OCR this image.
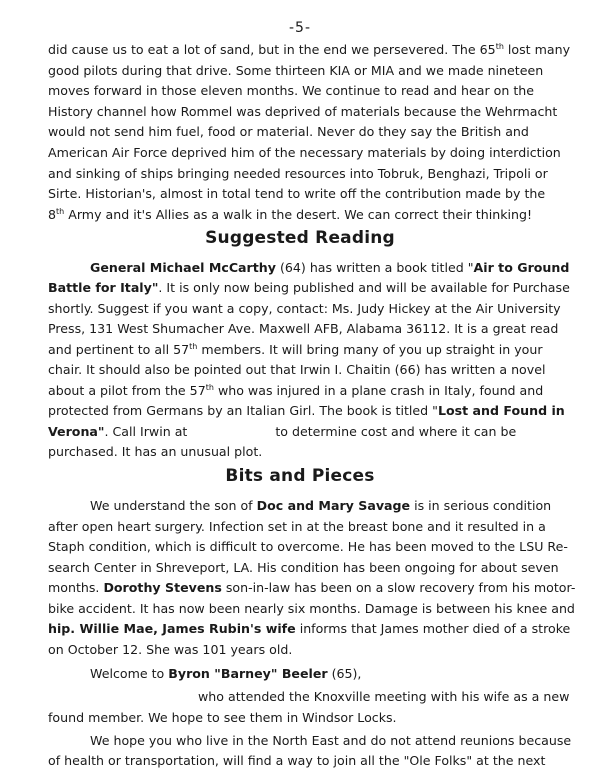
-5-
did cause us to eat a lot of sand, but in the end we persevered. The 65th lost many
good pilots during that drive. Some thirteen KIA or MIA and we made nineteen
moves forward in those eleven months. We continue to read and hear on the
History channel how Rommel was deprived of materials because the Wehrmacht
would not send him fuel, food or material. Never do they say the British and
American Air Force deprived him of the necessary materials by doing interdiction
and sinking of ships bringing needed resources into Tobruk, Benghazi, Tripoli or
Sirte. Historian's, almost in total tend to write off the contribution made by the
8th Army and it's Allies as a walk in the desert. We can correct their thinking!
Suggested Reading
General Michael McCarthy (64) has written a book titled "Air to Ground
Battle for Italy". It is only now being published and will be available for Purchase
shortly. Suggest if you want a copy, contact: Ms. Judy Hickey at the Air University
Press, 131 West Shumacher Ave. Maxwell AFB, Alabama 36112. It is a great read
and pertinent to all 57th members. It will bring many of you up straight in your
chair. It should also be pointed out that Irwin I. Chaitin (66) has written a novel
about a pilot from the 57th who was injured in a plane crash in Italy, found and
protected from Germans by an Italian Girl. The book is titled "Lost and Found in
Verona". Call Irwin at	to determine cost and where it can be
purchased. It has an unusual plot.
Bits and Pieces
We understand the son of Doc and Mary Savage is in serious condition
after open heart surgery. Infection set in at the breast bone and it resulted in a
Staph condition, which is difficult to overcome. He has been moved to the LSU Re-
search Center in Shreveport, LA. His condition has been ongoing for about seven
months. Dorothy Stevens son-in-law has been on a slow recovery from his motor-
bike accident. It has now been nearly six months. Damage is between his knee and
hip. Willie Mae, James Rubin's wife informs that James mother died of a stroke
on October 12. She was 101 years old.
Welcome to Byron "Barney" Beeler (65),
who attended the Knoxville meeting with his wife as a new
found member. We hope to see them in Windsor Locks.
We hope you who live in the North East and do not attend reunions because
of health or transportation, will find a way to join all the "Ole Folks" at the next
